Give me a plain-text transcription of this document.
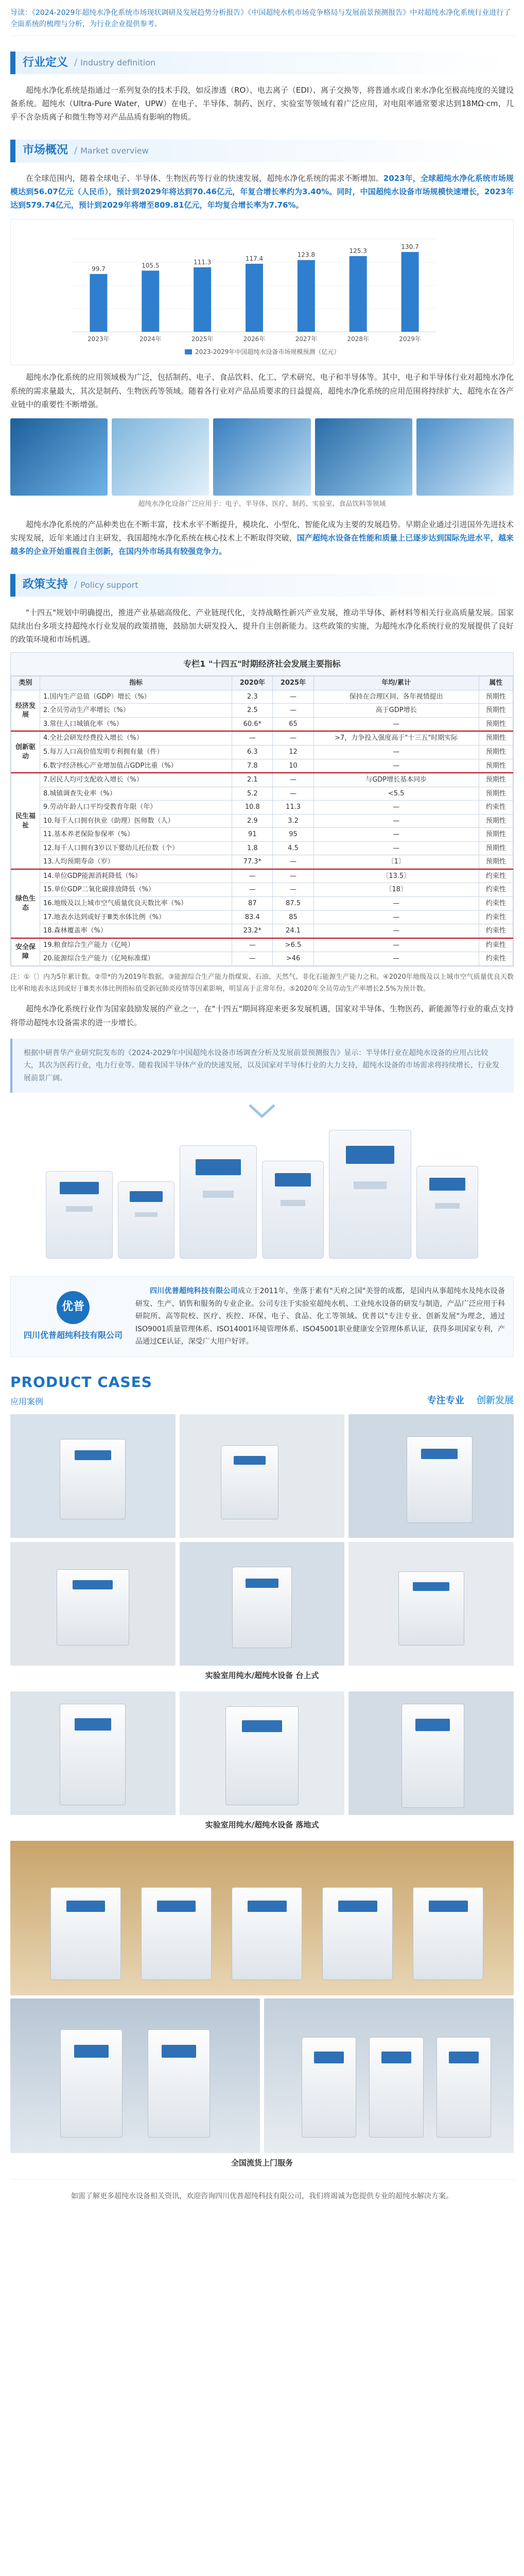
导读：《2024-2029年超纯水净化系统市场现状调研及发展趋势分析报告》《中国超纯水机市场竞争格局与发展前景预测报告》中对超纯水净化系统行业进行了全面系统的梳理与分析，为行业企业提供参考。

行业定义 / Industry definition

超纯水净化系统是指通过一系列复杂的技术手段，如反渗透（RO）、电去离子（EDI）、离子交换等，将普通水或自来水净化至极高纯度的关键设备系统。超纯水（Ultra-Pure Water，UPW）在电子、半导体、制药、医疗、实验室等领域有着广泛应用，对电阻率通常要求达到18MΩ·cm，几乎不含杂质离子和微生物等对产品品质有影响的物质。

市场概况 / Market overview

在全球范围内，随着全球电子、半导体、生物医药等行业的快速发展，超纯水净化系统的需求不断增加。2023年，全球超纯水净化系统市场规模达到56.07亿元（人民币），预计到2029年将达到70.46亿元，年复合增长率约为3.40%。同时，中国超纯水设备市场规模快速增长，2023年达到579.74亿元，预计到2029年将增至809.81亿元，年均复合增长率为7.76%。

99.7
2023年
105.5
2024年
111.3
2025年
117.4
2026年
123.8
2027年
125.3
2028年
130.7
2029年
2023-2029年中国超纯水设备市场规模预测（亿元）

超纯水净化系统的应用领域极为广泛，包括制药、电子、食品饮料、化工、学术研究、电子和半导体等。其中，电子和半导体行业对超纯水净化系统的需求量最大，其次是制药、生物医药等领域。随着各行业对产品品质要求的日益提高，超纯水净化系统的应用范围将持续扩大，超纯水在各产业链中的重要性不断增强。

超纯水净化设备广泛应用于：电子、半导体、医疗、制药、实验室、食品饮料等领域

超纯水净化系统的产品种类也在不断丰富，技术水平不断提升，模块化、小型化、智能化成为主要的发展趋势。早期企业通过引进国外先进技术实现发展，近年来通过自主研发，我国超纯水净化系统在核心技术上不断取得突破，国产超纯水设备在性能和质量上已逐步达到国际先进水平，越来越多的企业开始重视自主创新，在国内外市场具有较强竞争力。

政策支持 / Policy support

"十四五"规划中明确提出，推进产业基础高级化、产业链现代化，支持战略性新兴产业发展，推动半导体、新材料等相关行业高质量发展。国家陆续出台多项支持超纯水行业发展的政策措施，鼓励加大研发投入，提升自主创新能力。这些政策的实施，为超纯水净化系统行业的发展提供了良好的政策环境和市场机遇。

专栏1 "十四五"时期经济社会发展主要指标
类别	指标	2020年	2025年	年均/累计	属性
经济发展	1.国内生产总值（GDP）增长（%）	2.3	—	保持在合理区间、各年视情提出	预期性
	2.全员劳动生产率增长（%）	2.5	—	高于GDP增长	预期性
	3.常住人口城镇化率（%）	60.6*	65	—	预期性
创新驱动	4.全社会研发经费投入增长（%）	—	—	>7，力争投入强度高于"十三五"时期实际	预期性
	5.每万人口高价值发明专利拥有量（件）	6.3	12	—	预期性
	6.数字经济核心产业增加值占GDP比重（%）	7.8	10	—	预期性
民生福祉	7.居民人均可支配收入增长（%）	2.1	—	与GDP增长基本同步	预期性
	8.城镇调查失业率（%）	5.2	—	<5.5	预期性
	9.劳动年龄人口平均受教育年限（年）	10.8	11.3	—	约束性
	10.每千人口拥有执业（助理）医师数（人）	2.9	3.2	—	预期性
	11.基本养老保险参保率（%）	91	95	—	预期性
	12.每千人口拥有3岁以下婴幼儿托位数（个）	1.8	4.5	—	预期性
	13.人均预期寿命（岁）	77.3*	—	〔1〕	预期性
绿色生态	14.单位GDP能源消耗降低（%）	—	—	〔13.5〕	约束性
	15.单位GDP二氧化碳排放降低（%）	—	—	〔18〕	约束性
	16.地级及以上城市空气质量优良天数比率（%）	87	87.5	—	约束性
	17.地表水达到或好于Ⅲ类水体比例（%）	83.4	85	—	约束性
	18.森林覆盖率（%）	23.2*	24.1	—	约束性
安全保障	19.粮食综合生产能力（亿吨）	—	>6.5	—	约束性
	20.能源综合生产能力（亿吨标准煤）	—	>46	—	约束性

注：①〔〕内为5年累计数。②带*的为2019年数据。③能源综合生产能力指煤炭、石油、天然气、非化石能源生产能力之和。④2020年地级及以上城市空气质量优良天数比率和地表水达到或好于Ⅲ类水体比例指标值受新冠肺炎疫情等因素影响，明显高于正常年份。⑤2020年全员劳动生产率增长2.5%为预计数。

超纯水净化系统行业作为国家鼓励发展的产业之一，在"十四五"期间将迎来更多发展机遇，国家对半导体、生物医药、新能源等行业的重点支持将带动超纯水设备需求的进一步增长。

根据中研普华产业研究院发布的《2024-2029年中国超纯水设备市场调查分析及发展前景预测报告》显示：半导体行业在超纯水设备的应用占比较大，其次为医药行业，电力行业等。随着我国半导体产业的快速发展，以及国家对半导体行业的大力支持，超纯水设备的市场需求将持续增长，行业发展前景广阔。
优普
四川优普超纯科技有限公司

四川优普超纯科技有限公司成立于2011年，坐落于素有"天府之国"美誉的成都，是国内从事超纯水及纯水设备研发、生产、销售和服务的专业企业。公司专注于实验室超纯水机、工业纯水设备的研发与制造，产品广泛应用于科研院所、高等院校、医疗、疾控、环保、电子、食品、化工等领域。优普以"专注专业、创新发展"为理念，通过ISO9001质量管理体系、ISO14001环境管理体系、ISO45001职业健康安全管理体系认证，获得多项国家专利，产品通过CE认证，深受广大用户好评。

PRODUCT CASES
应用案例	专注专业 创新发展

实验室用纯水/超纯水设备 台上式

实验室用纯水/超纯水设备 落地式

全国流货上门服务

如需了解更多超纯水设备相关资讯，欢迎咨询四川优普超纯科技有限公司，我们将竭诚为您提供专业的超纯水解决方案。
